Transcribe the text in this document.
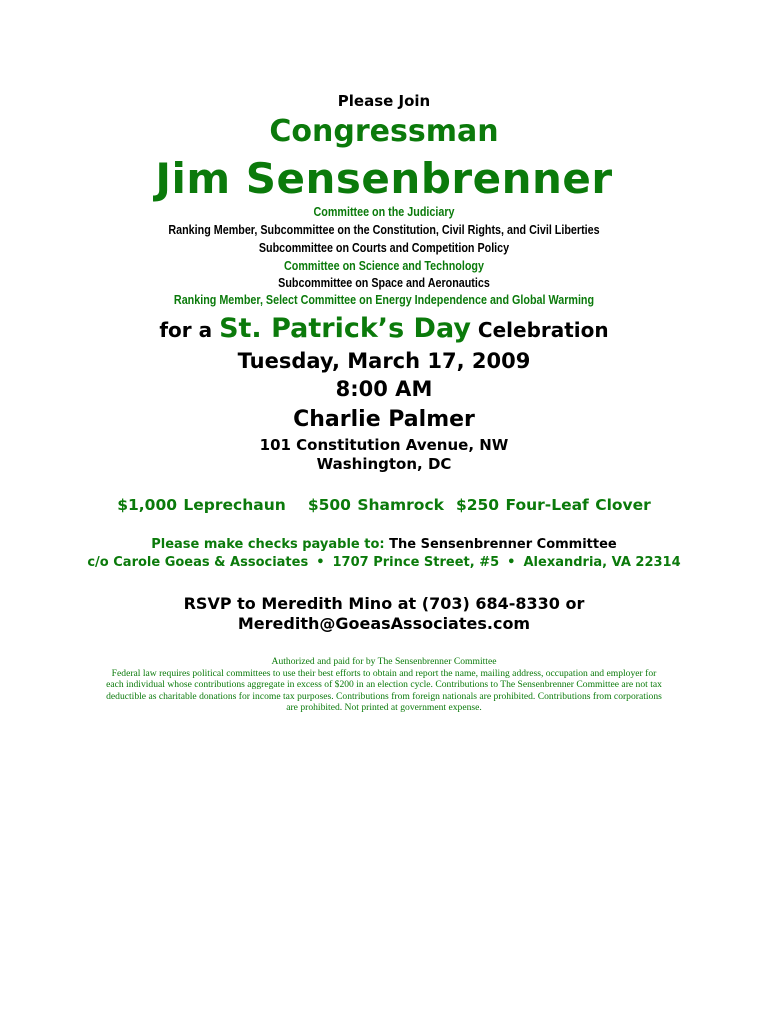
Please Join
Congressman
Jim Sensenbrenner
Committee on the Judiciary
Ranking Member, Subcommittee on the Constitution, Civil Rights, and Civil Liberties
Subcommittee on Courts and Competition Policy
Committee on Science and Technology
Subcommittee on Space and Aeronautics
Ranking Member, Select Committee on Energy Independence and Global Warming
for a St. Patrick’s Day Celebration
Tuesday, March 17, 2009
8:00 AM
Charlie Palmer
101 Constitution Avenue, NW
Washington, DC
$1,000 Leprechaun $500 Shamrock $250 Four-Leaf Clover
Please make checks payable to: The Sensenbrenner Committee
c/o Carole Goeas & Associates • 1707 Prince Street, #5 • Alexandria, VA 22314
RSVP to Meredith Mino at (703) 684-8330 or
Meredith@GoeasAssociates.com
Authorized and paid for by The Sensenbrenner Committee
Federal law requires political committees to use their best efforts to obtain and report the name, mailing address, occupation and employer for
each individual whose contributions aggregate in excess of $200 in an election cycle. Contributions to The Sensenbrenner Committee are not tax
deductible as charitable donations for income tax purposes. Contributions from foreign nationals are prohibited. Contributions from corporations
are prohibited. Not printed at government expense.
